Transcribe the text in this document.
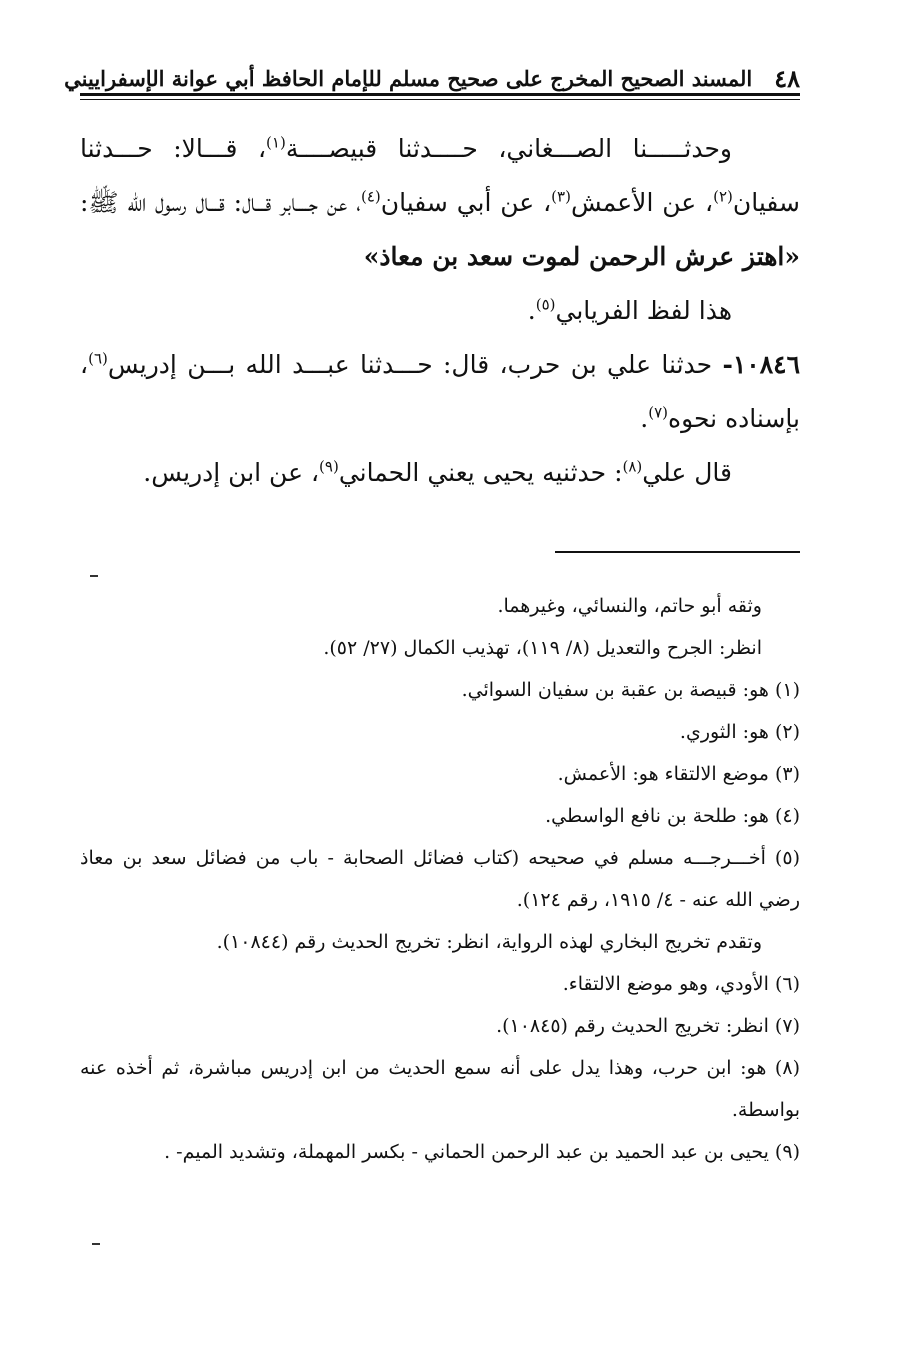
٤٨
المسند الصحيح المخرج على صحيح مسلم للإمام الحافظ أبي عوانة الإسفراييني

وحدثـــــنا الصـــغاني، حــــدثنا قبيصــــة$^{(١)}$، قـــالا: حـــدثنا سفيان$^{(٢)}$، عن الأعمش$^{(٣)}$، عن أبي سفيان$^{(٤)}$، عن جــــابر قـــال: قـــال رسول الله ﷺ: «اهتز عرش الرحمن لموت سعد بن معاذ»

هذا لفظ الفريابي$^{(٥)}$.

١٠٨٤٦- حدثنا علي بن حرب، قال: حـــدثنا عبـــد الله بـــن إدريس$^{(٦)}$، بإسناده نحوه$^{(٧)}$.

قال علي$^{(٨)}$: حدثنيه يحيى يعني الحماني$^{(٩)}$، عن ابن إدريس.

وثقه أبو حاتم، والنسائي، وغيرهما.

انظر: الجرح والتعديل (٨/ ١١٩)، تهذيب الكمال (٢٧/ ٥٢).

(١) هو: قبيصة بن عقبة بن سفيان السوائي.

(٢) هو: الثوري.

(٣) موضع الالتقاء هو: الأعمش.

(٤) هو: طلحة بن نافع الواسطي.

(٥) أخـــرجـــه مسلم في صحيحه (كتاب فضائل الصحابة - باب من فضائل سعد بن معاذ رضي الله عنه - ٤/ ١٩١٥، رقم ١٢٤).

وتقدم تخريج البخاري لهذه الرواية، انظر: تخريج الحديث رقم (١٠٨٤٤).

(٦) الأودي، وهو موضع الالتقاء.

(٧) انظر: تخريج الحديث رقم (١٠٨٤٥).

(٨) هو: ابن حرب، وهذا يدل على أنه سمع الحديث من ابن إدريس مباشرة، ثم أخذه عنه بواسطة.

(٩) يحيى بن عبد الحميد بن عبد الرحمن الحماني - بكسر المهملة، وتشديد الميم- .
